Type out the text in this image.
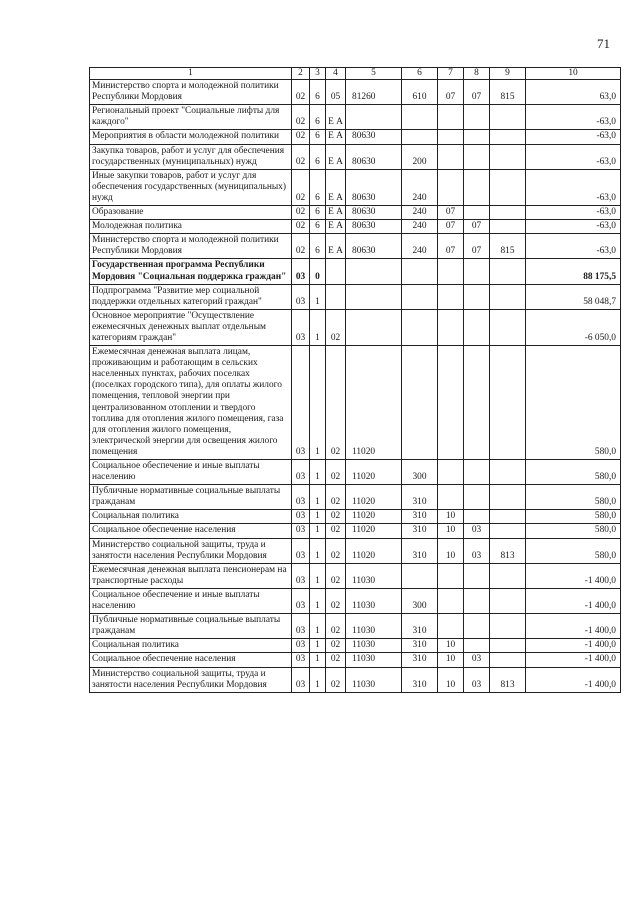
71
1	2	3	4	5	6	7	8	9	10
Министерство спорта и молодежной политики Республики Мордовия	02	6	05	81260	610	07	07	815	63,0
Региональный проект "Социальные лифты для каждого"	02	6	Е А						-63,0
Мероприятия в области молодежной политики	02	6	Е А	80630					-63,0
Закупка товаров, работ и услуг для обеспечения государственных (муниципальных) нужд	02	6	Е А	80630	200				-63,0
Иные закупки товаров, работ и услуг для обеспечения государственных (муниципальных) нужд	02	6	Е А	80630	240				-63,0
Образование	02	6	Е А	80630	240	07			-63,0
Молодежная политика	02	6	Е А	80630	240	07	07		-63,0
Министерство спорта и молодежной политики Республики Мордовия	02	6	Е А	80630	240	07	07	815	-63,0
Государственная программа Республики Мордовия "Социальная поддержка граждан"	03	0							88 175,5
Подпрограмма "Развитие мер социальной поддержки отдельных категорий граждан"	03	1							58 048,7
Основное мероприятие "Осуществление ежемесячных денежных выплат отдельным категориям граждан"	03	1	02						-6 050,0
Ежемесячная денежная выплата лицам, проживающим и работающим в сельских населенных пунктах, рабочих поселках (поселках городского типа), для оплаты жилого помещения, тепловой энергии при централизованном отоплении и твердого топлива для отопления жилого помещения, газа для отопления жилого помещения, электрической энергии для освещения жилого помещения	03	1	02	11020					580,0
Социальное обеспечение и иные выплаты населению	03	1	02	11020	300				580,0
Публичные нормативные социальные выплаты гражданам	03	1	02	11020	310				580,0
Социальная политика	03	1	02	11020	310	10			580,0
Социальное обеспечение населения	03	1	02	11020	310	10	03		580,0
Министерство социальной защиты, труда и занятости населения Республики Мордовия	03	1	02	11020	310	10	03	813	580,0
Ежемесячная денежная выплата пенсионерам на транспортные расходы	03	1	02	11030					-1 400,0
Социальное обеспечение и иные выплаты населению	03	1	02	11030	300				-1 400,0
Публичные нормативные социальные выплаты гражданам	03	1	02	11030	310				-1 400,0
Социальная политика	03	1	02	11030	310	10			-1 400,0
Социальное обеспечение населения	03	1	02	11030	310	10	03		-1 400,0
Министерство социальной защиты, труда и занятости населения Республики Мордовия	03	1	02	11030	310	10	03	813	-1 400,0
